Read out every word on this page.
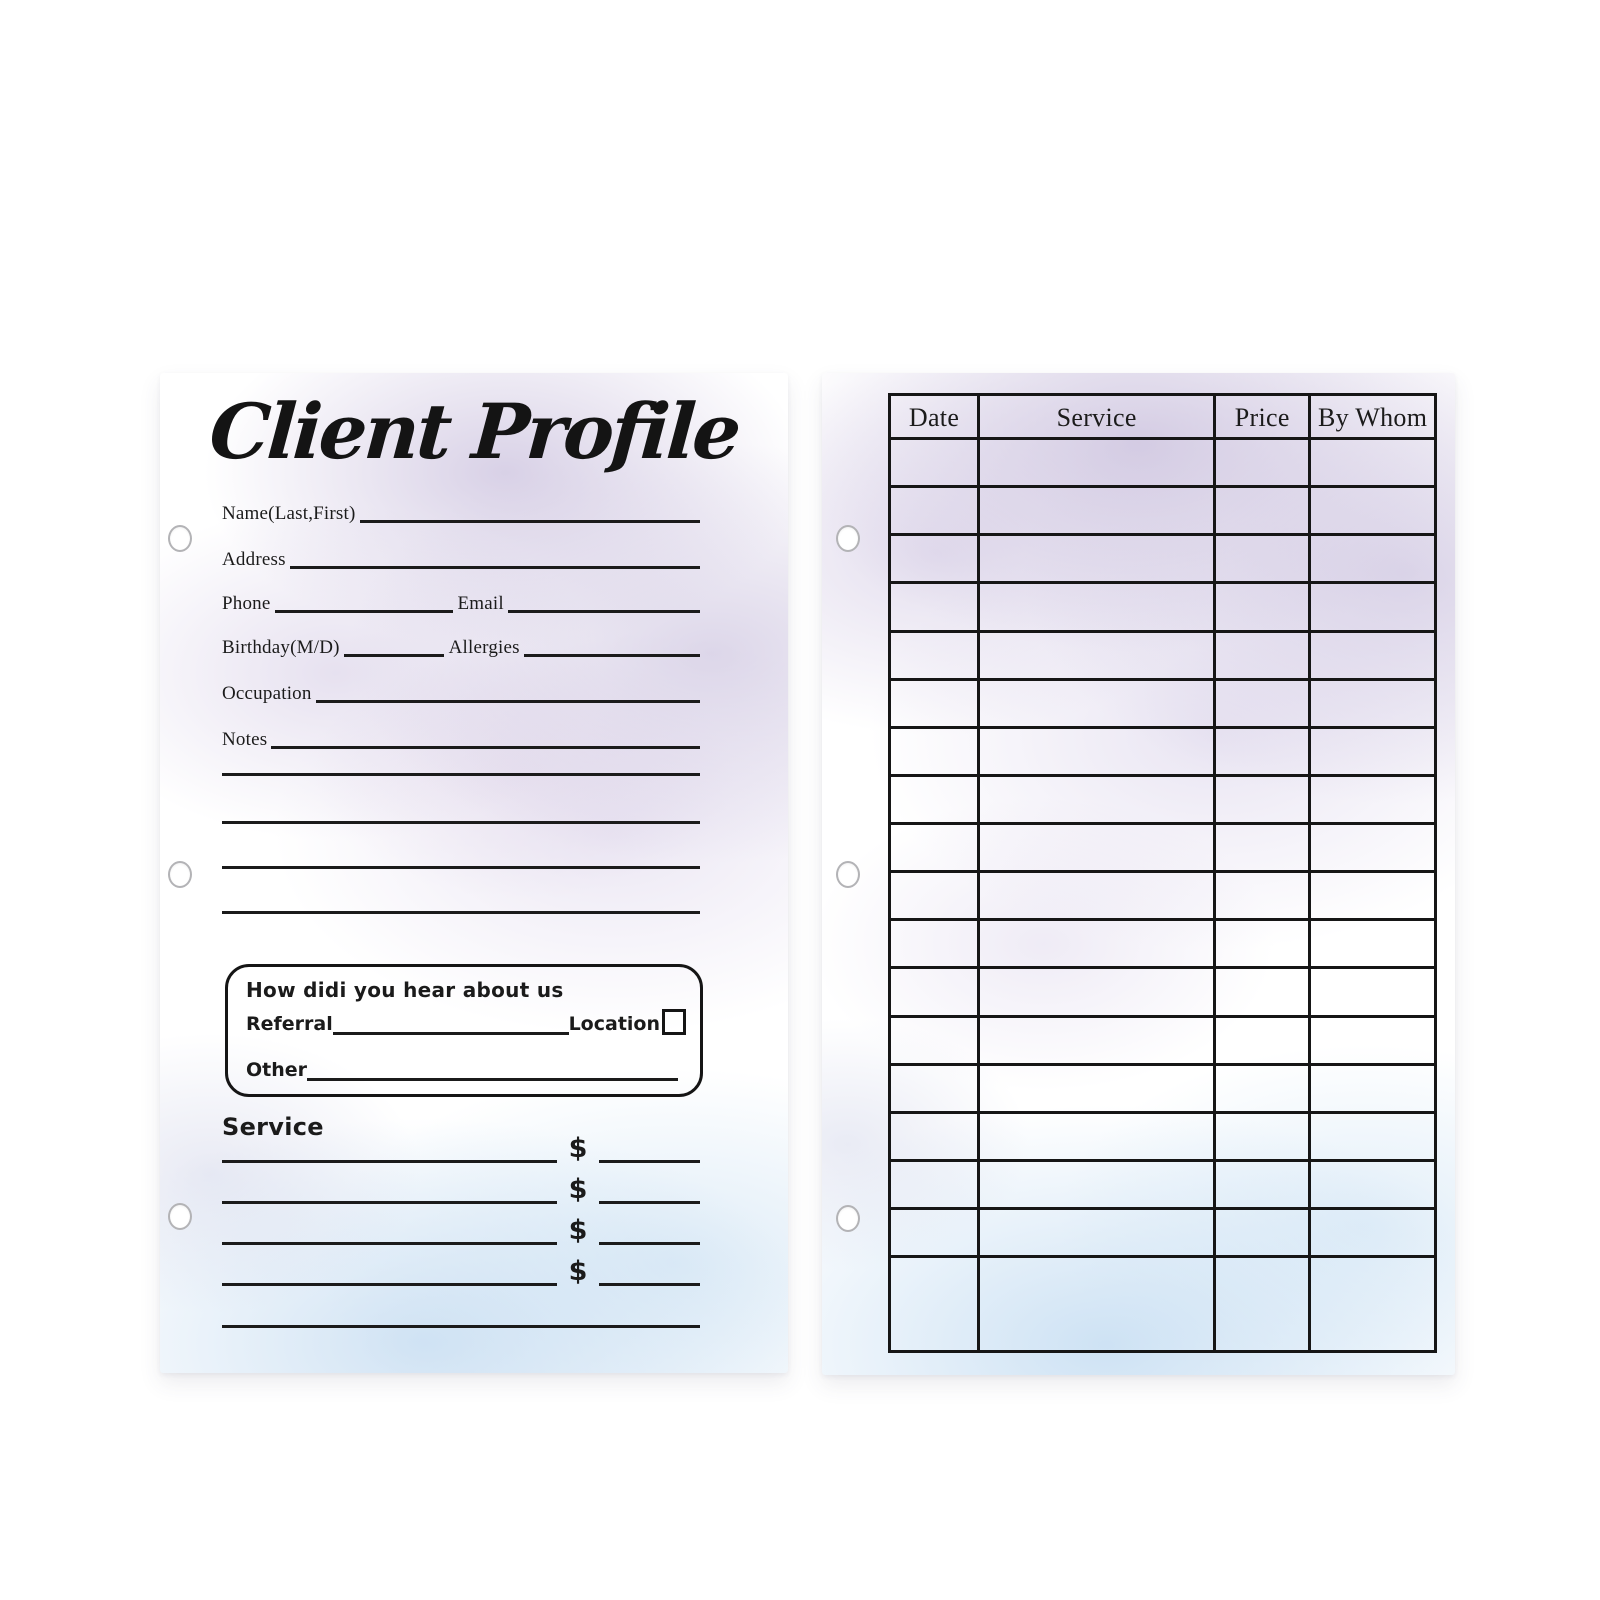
Client Profile
Name(Last,First)
Address
Phone	Email
Birthday(M/D)	Allergies
Occupation
Notes
How didi you hear about us
Referral	Location
Other
Service
$
$
$
$
Date	Service	Price	By Whom
